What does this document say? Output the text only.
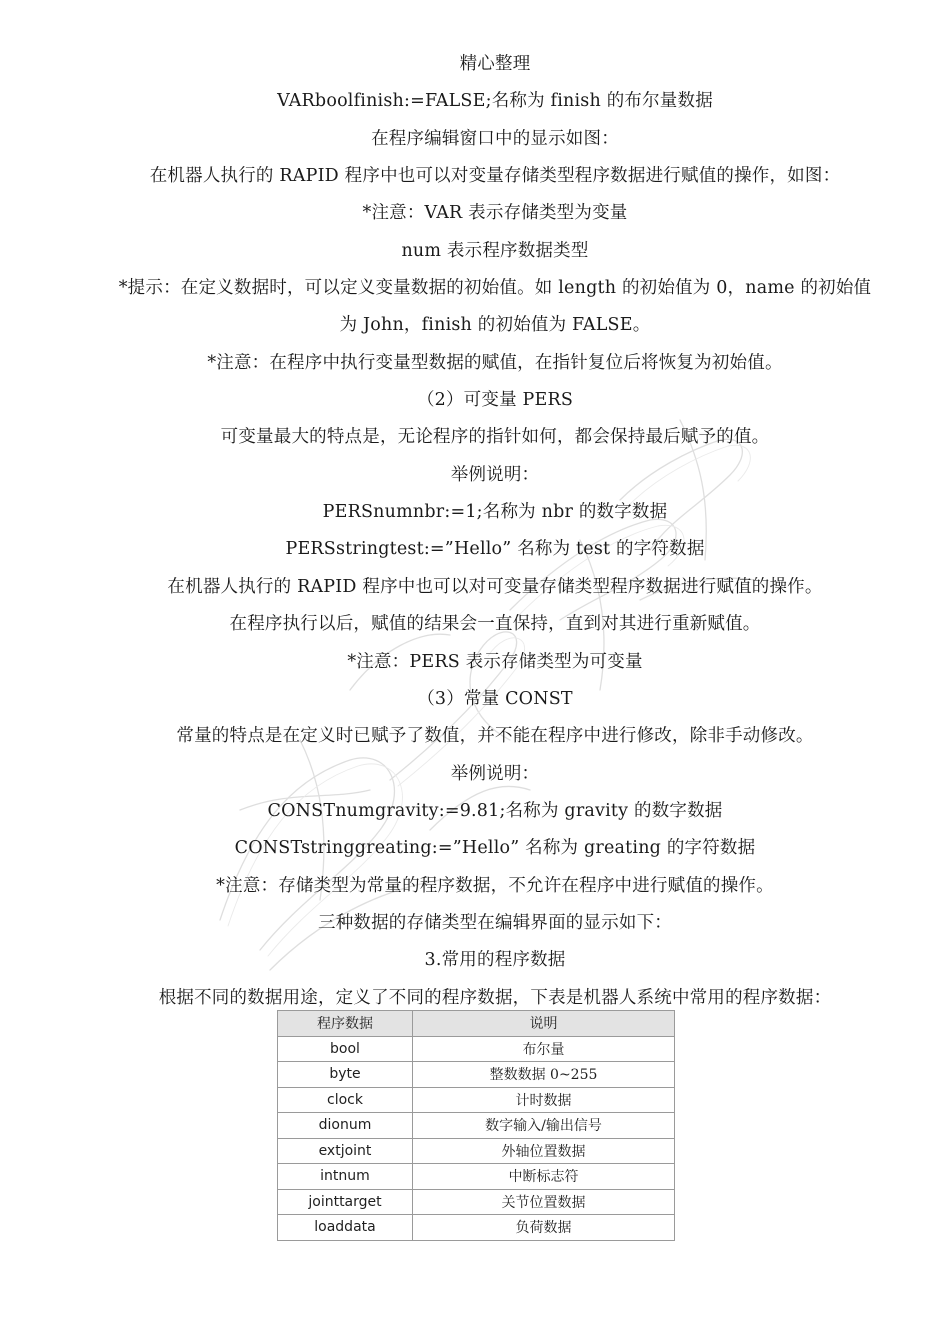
精心整理
VARboolfinish:=FALSE;名称为 finish 的布尔量数据
在程序编辑窗口中的显示如图：
在机器人执行的 RAPID 程序中也可以对变量存储类型程序数据进行赋值的操作，如图：
*注意：VAR 表示存储类型为变量
num 表示程序数据类型
*提示：在定义数据时，可以定义变量数据的初始值。如 length 的初始值为 0，name 的初始值
为 John，finish 的初始值为 FALSE。
*注意：在程序中执行变量型数据的赋值，在指针复位后将恢复为初始值。
（2）可变量 PERS
可变量最大的特点是，无论程序的指针如何，都会保持最后赋予的值。
举例说明：
PERSnumnbr:=1;名称为 nbr 的数字数据
PERSstringtest:=”Hello” 名称为 test 的字符数据
在机器人执行的 RAPID 程序中也可以对可变量存储类型程序数据进行赋值的操作。
在程序执行以后，赋值的结果会一直保持，直到对其进行重新赋值。
*注意：PERS 表示存储类型为可变量
（3）常量 CONST
常量的特点是在定义时已赋予了数值，并不能在程序中进行修改，除非手动修改。
举例说明：
CONSTnumgravity:=9.81;名称为 gravity 的数字数据
CONSTstringgreating:=”Hello” 名称为 greating 的字符数据
*注意：存储类型为常量的程序数据，不允许在程序中进行赋值的操作。
三种数据的存储类型在编辑界面的显示如下：
3.常用的程序数据
根据不同的数据用途，定义了不同的程序数据，下表是机器人系统中常用的程序数据：
程序数据	说明
bool	布尔量
byte	整数数据 0~255
clock	计时数据
dionum	数字输入/输出信号
extjoint	外轴位置数据
intnum	中断标志符
jointtarget	关节位置数据
loaddata	负荷数据
